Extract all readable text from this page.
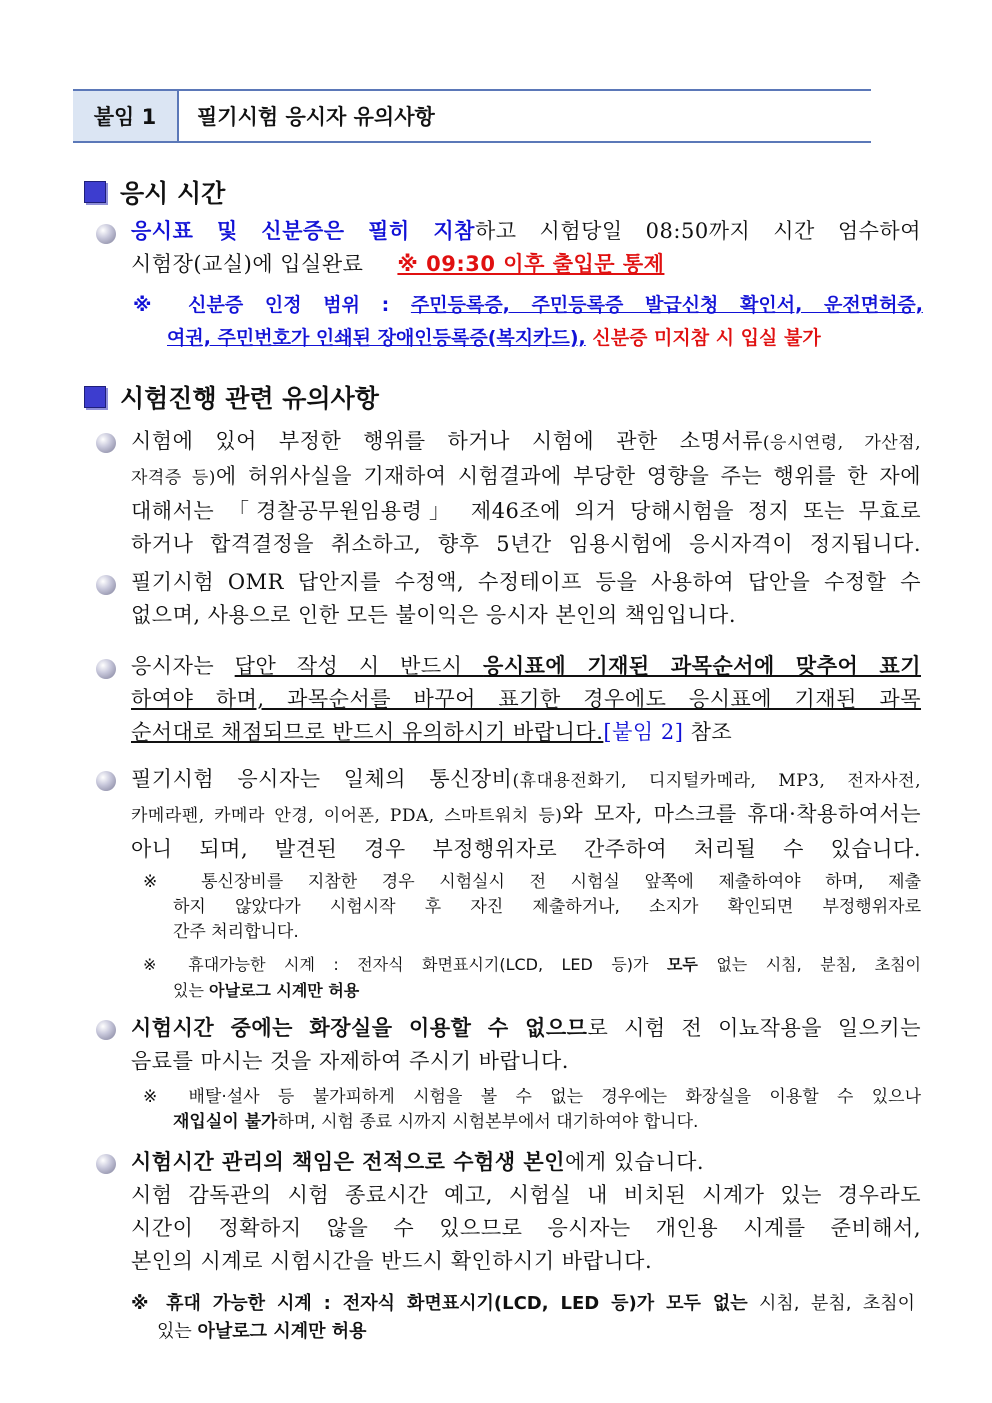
붙임 1	필기시험 응시자 유의사항
응시 시간
응시표 및 신분증은 필히 지참하고 시험당일 08:50까지 시간 엄수하여
시험장(교실)에 입실완료 ※ 09:30 이후 출입문 통제
※ 신분증 인정 범위 : 주민등록증, 주민등록증 발급신청 확인서, 운전면허증,
여권, 주민번호가 인쇄된 장애인등록증(복지카드), 신분증 미지참 시 입실 불가
시험진행 관련 유의사항
시험에 있어 부정한 행위를 하거나 시험에 관한 소명서류(응시연령, 가산점,
자격증 등)에 허위사실을 기재하여 시험결과에 부당한 영향을 주는 행위를 한 자에
대해서는 「경찰공무원임용령」 제46조에 의거 당해시험을 정지 또는 무효로
하거나 합격결정을 취소하고, 향후 5년간 임용시험에 응시자격이 정지됩니다.
필기시험 OMR 답안지를 수정액, 수정테이프 등을 사용하여 답안을 수정할 수
없으며, 사용으로 인한 모든 불이익은 응시자 본인의 책임입니다.
응시자는 답안 작성 시 반드시 응시표에 기재된 과목순서에 맞추어 표기
하여야 하며, 과목순서를 바꾸어 표기한 경우에도 응시표에 기재된 과목
순서대로 채점되므로 반드시 유의하시기 바랍니다.[붙임 2] 참조
필기시험 응시자는 일체의 통신장비(휴대용전화기, 디지털카메라, MP3, 전자사전,
카메라펜, 카메라 안경, 이어폰, PDA, 스마트워치 등)와 모자, 마스크를 휴대·착용하여서는
아니 되며, 발견된 경우 부정행위자로 간주하여 처리될 수 있습니다.
※ 통신장비를 지참한 경우 시험실시 전 시험실 앞쪽에 제출하여야 하며, 제출
하지 않았다가 시험시작 후 자진 제출하거나, 소지가 확인되면 부정행위자로
간주 처리합니다.
※ 휴대가능한 시계 : 전자식 화면표시기(LCD, LED 등)가 모두 없는 시침, 분침, 초침이
있는 아날로그 시계만 허용
시험시간 중에는 화장실을 이용할 수 없으므로 시험 전 이뇨작용을 일으키는
음료를 마시는 것을 자제하여 주시기 바랍니다.
※ 배탈·설사 등 불가피하게 시험을 볼 수 없는 경우에는 화장실을 이용할 수 있으나
재입실이 불가하며, 시험 종료 시까지 시험본부에서 대기하여야 합니다.
시험시간 관리의 책임은 전적으로 수험생 본인에게 있습니다.
시험 감독관의 시험 종료시간 예고, 시험실 내 비치된 시계가 있는 경우라도
시간이 정확하지 않을 수 있으므로 응시자는 개인용 시계를 준비해서,
본인의 시계로 시험시간을 반드시 확인하시기 바랍니다.
※ 휴대 가능한 시계 : 전자식 화면표시기(LCD, LED 등)가 모두 없는 시침, 분침, 초침이
있는 아날로그 시계만 허용
